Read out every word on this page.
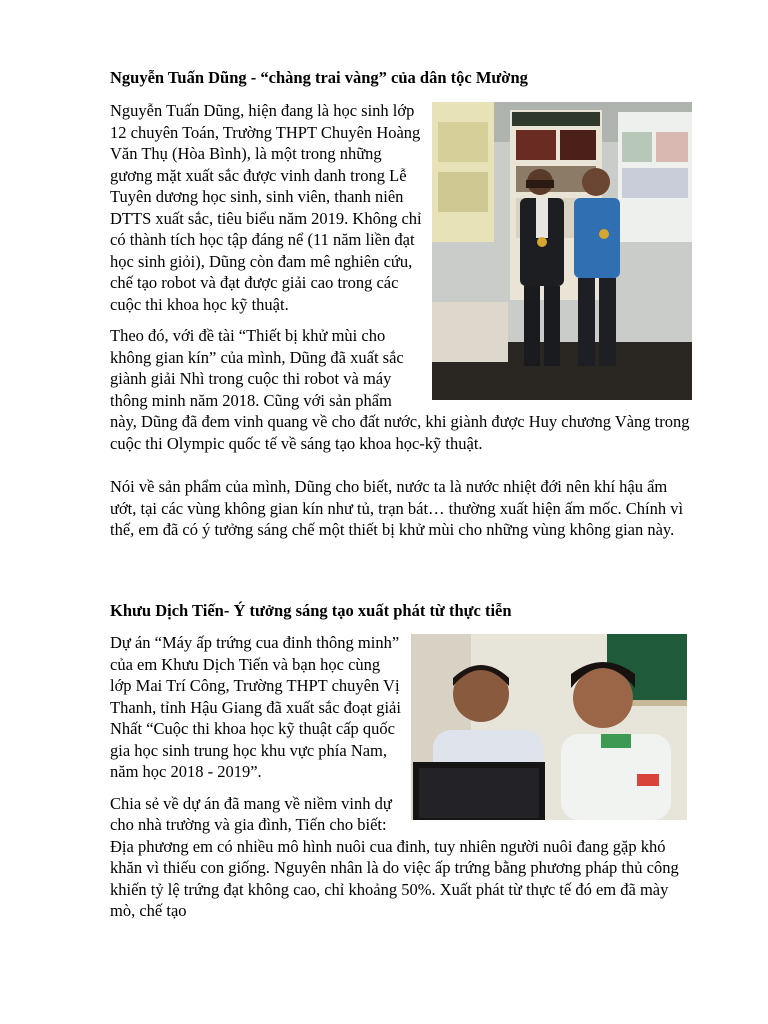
Nguyễn Tuấn Dũng - “chàng trai vàng” của dân tộc Mường

Nguyễn Tuấn Dũng, hiện đang là học sinh lớp 12 chuyên Toán, Trường THPT Chuyên Hoàng Văn Thụ (Hòa Bình), là một trong những gương mặt xuất sắc được vinh danh trong Lễ Tuyên dương học sinh, sinh viên, thanh niên DTTS xuất sắc, tiêu biểu năm 2019. Không chỉ có thành tích học tập đáng nể (11 năm liền đạt học sinh giỏi), Dũng còn đam mê nghiên cứu, chế tạo robot và đạt được giải cao trong các cuộc thi khoa học kỹ thuật.

Theo đó, với đề tài “Thiết bị khử mùi cho không gian kín” của mình, Dũng đã xuất sắc giành giải Nhì trong cuộc thi robot và máy thông minh năm 2018. Cũng với sản phẩm này, Dũng đã đem vinh quang về cho đất nước, khi giành được Huy chương Vàng trong cuộc thi Olympic quốc tế về sáng tạo khoa học-kỹ thuật.

Nói về sản phẩm của mình, Dũng cho biết, nước ta là nước nhiệt đới nên khí hậu ẩm ướt, tại các vùng không gian kín như tủ, trạn bát… thường xuất hiện ấm mốc. Chính vì thế, em đã có ý tưởng sáng chế một thiết bị khử mùi cho những vùng không gian này.

Khưu Dịch Tiến- Ý tưởng sáng tạo xuất phát từ thực tiễn

Dự án “Máy ấp trứng cua đinh thông minh” của em Khưu Dịch Tiến và bạn học cùng lớp Mai Trí Công, Trường THPT chuyên Vị Thanh, tỉnh Hậu Giang đã xuất sắc đoạt giải Nhất “Cuộc thi khoa học kỹ thuật cấp quốc gia học sinh trung học khu vực phía Nam, năm học 2018 - 2019”.

Chia sẻ về dự án đã mang về niềm vinh dự cho nhà trường và gia đình, Tiến cho biết: Địa phương em có nhiều mô hình nuôi cua đinh, tuy nhiên người nuôi đang gặp khó khăn vì thiếu con giống. Nguyên nhân là do việc ấp trứng bằng phương pháp thủ công khiến tỷ lệ trứng đạt không cao, chỉ khoảng 50%. Xuất phát từ thực tế đó em đã mày mò, chế tạo
